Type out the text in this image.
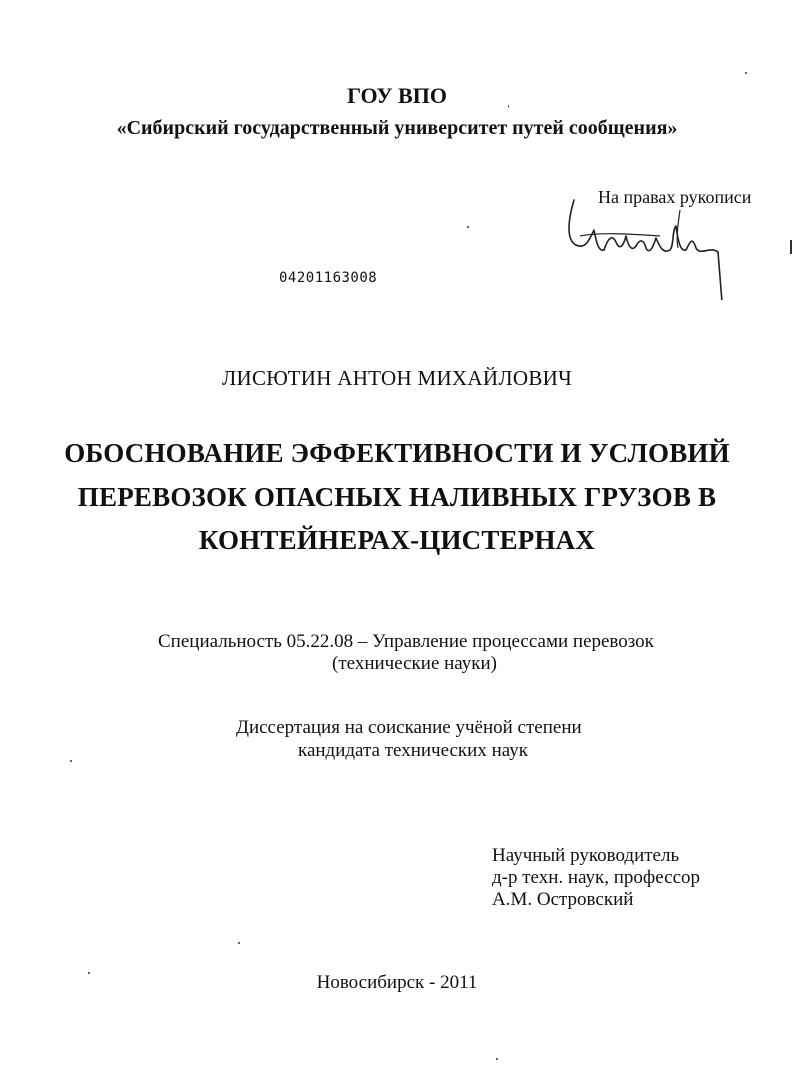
ГОУ ВПО
«Сибирский государственный университет путей сообщения»
На правах рукописи
04201163008
ЛИСЮТИН АНТОН МИХАЙЛОВИЧ
ОБОСНОВАНИЕ ЭФФЕКТИВНОСТИ И УСЛОВИЙ
ПЕРЕВОЗОК ОПАСНЫХ НАЛИВНЫХ ГРУЗОВ В
КОНТЕЙНЕРАХ-ЦИСТЕРНАХ
Специальность 05.22.08 – Управление процессами перевозок
(технические науки)
Диссертация на соискание учёной степени
кандидата технических наук
Научный руководитель
д-р техн. наук, профессор
А.М. Островский
Новосибирск - 2011
